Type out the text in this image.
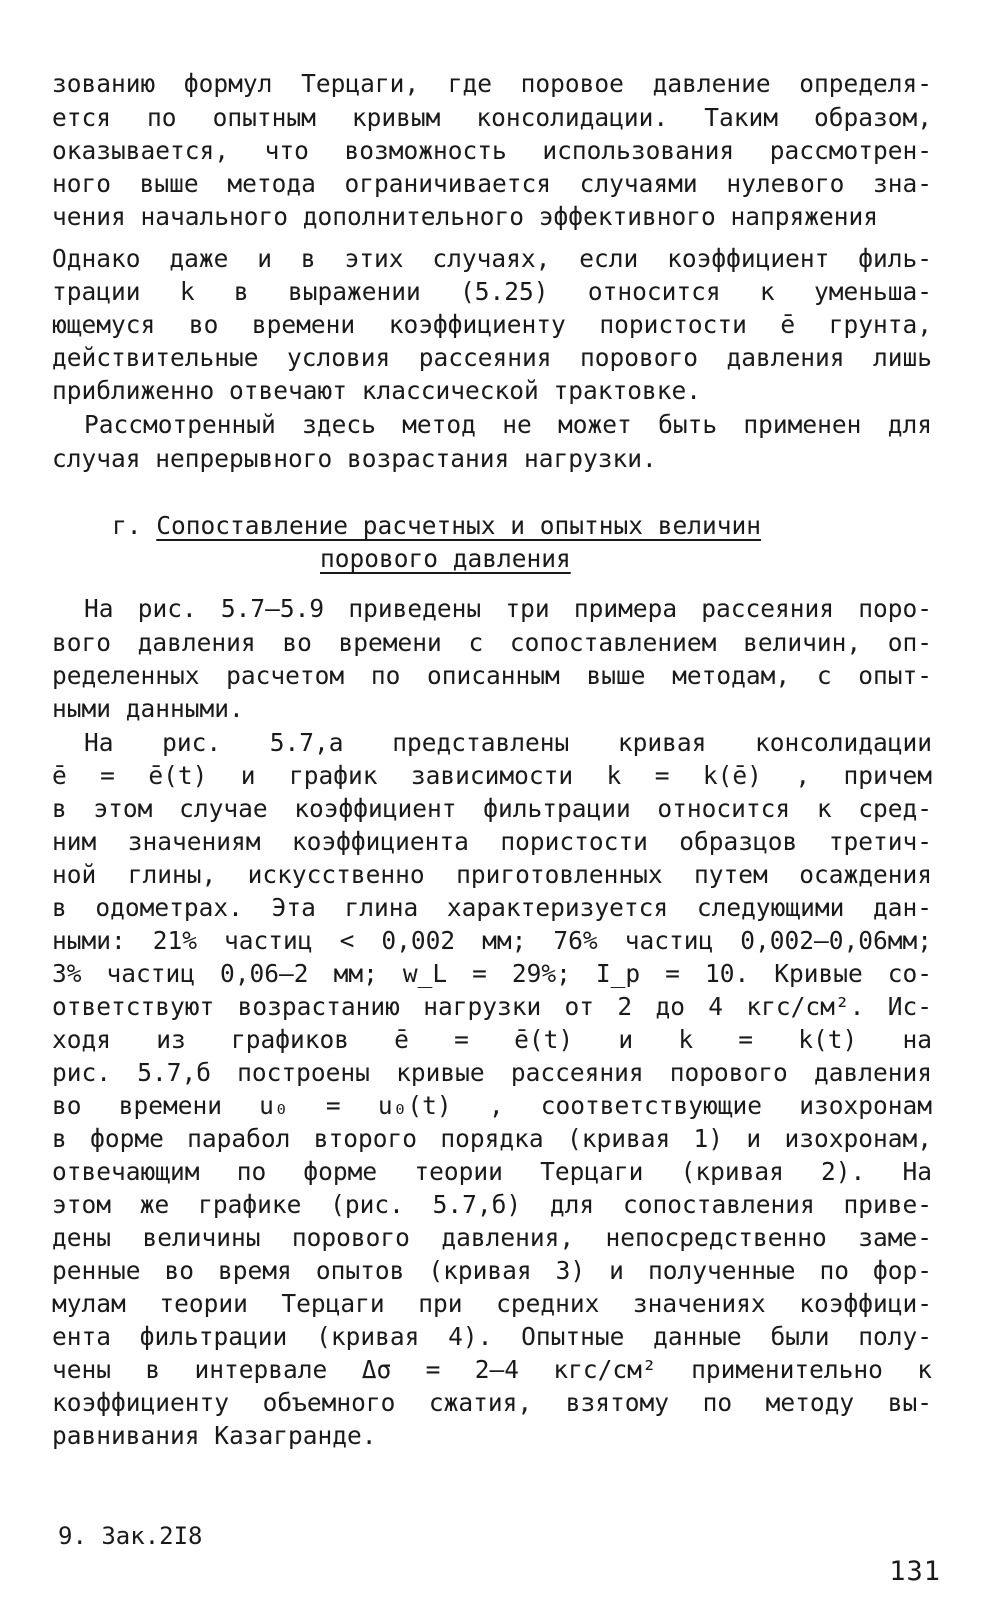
зованию формул Терцаги, где поровое давление определя-
ется по опытным кривым консолидации. Таким образом,
оказывается, что возможность использования рассмотрен-
ного выше метода ограничивается случаями нулевого зна-
чения начального дополнительного эффективного напряжения
Однако даже и в этих случаях, если коэффициент филь-
трации k в выражении (5.25) относится к уменьша-
ющемуся во времени коэффициенту пористости ē грунта,
действительные условия рассеяния порового давления лишь
приближенно отвечают классической трактовке.
Рассмотренный здесь метод не может быть применен для
случая непрерывного возрастания нагрузки.
г. Сопоставление расчетных и опытных величин
порового давления
На рис. 5.7–5.9 приведены три примера рассеяния поро-
вого давления во времени с сопоставлением величин, оп-
ределенных расчетом по описанным выше методам, с опыт-
ными данными.
На рис. 5.7,а представлены кривая консолидации
ē = ē(t) и график зависимости k = k(ē) , причем
в этом случае коэффициент фильтрации относится к сред-
ним значениям коэффициента пористости образцов третич-
ной глины, искусственно приготовленных путем осаждения
в одометрах. Эта глина характеризуется следующими дан-
ными: 21% частиц < 0,002 мм; 76% частиц 0,002–0,06мм;
3% частиц 0,06–2 мм; w_L = 29%; I_p = 10. Кривые со-
ответствуют возрастанию нагрузки от 2 до 4 кгс/см². Ис-
ходя из графиков ē = ē(t) и k = k(t) на
рис. 5.7,б построены кривые рассеяния порового давления
во времени u₀ = u₀(t) , соответствующие изохронам
в форме парабол второго порядка (кривая 1) и изохронам,
отвечающим по форме теории Терцаги (кривая 2). На
этом же графике (рис. 5.7,б) для сопоставления приве-
дены величины порового давления, непосредственно заме-
ренные во время опытов (кривая 3) и полученные по фор-
мулам теории Терцаги при средних значениях коэффици-
ента фильтрации (кривая 4). Опытные данные были полу-
чены в интервале Δσ = 2–4 кгс/см² применительно к
коэффициенту объемного сжатия, взятому по методу вы-
равнивания Казагранде.
9. Зак.2I8
131
